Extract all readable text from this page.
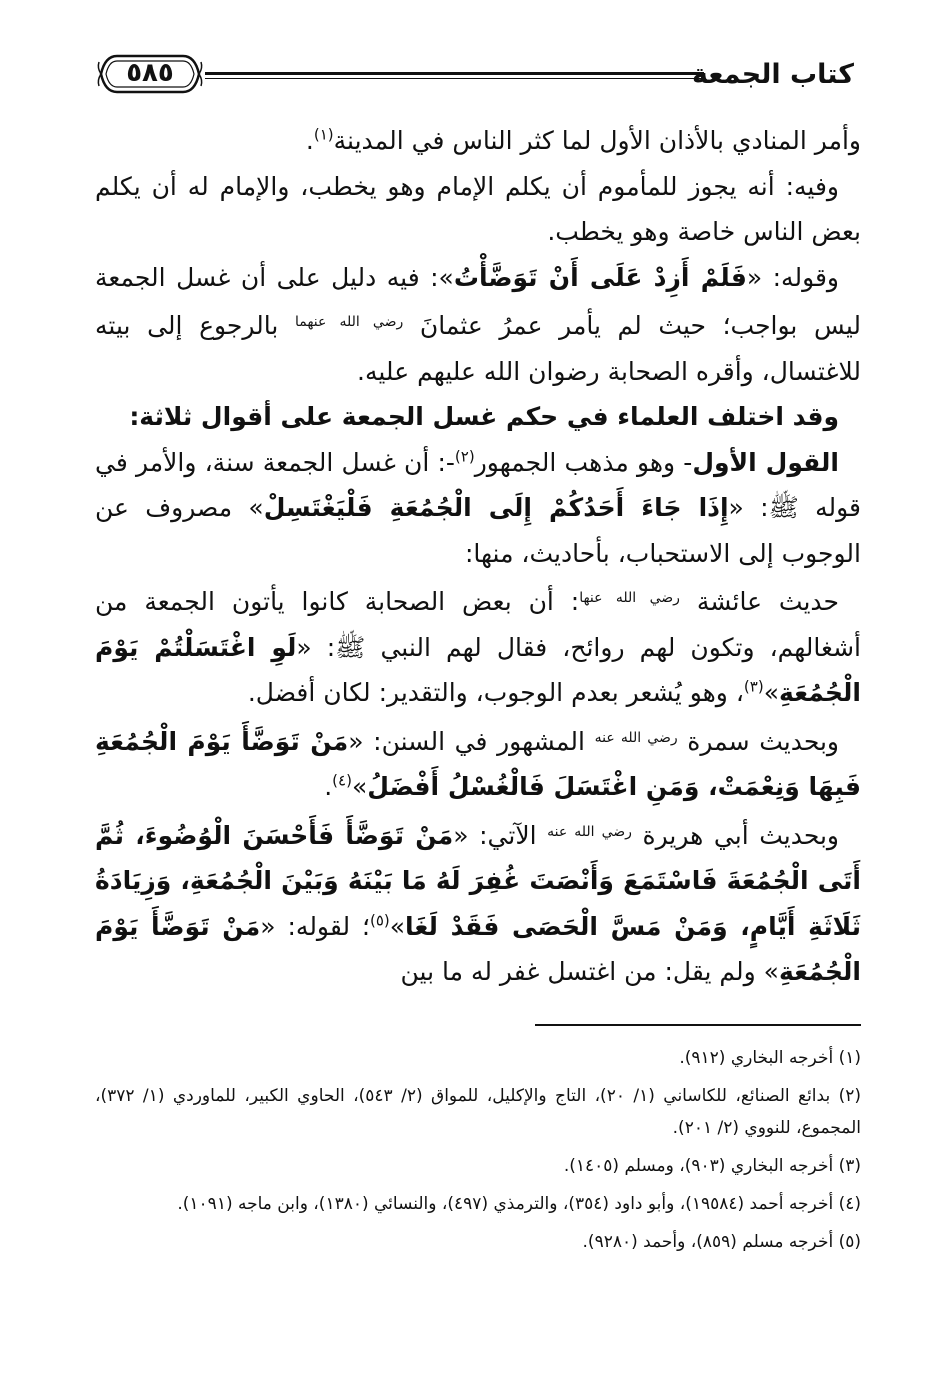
كتاب الجمعة
٥٨٥

وأمر المنادي بالأذان الأول لما كثر الناس في المدينة$^{(١)}$.

وفيه: أنه يجوز للمأموم أن يكلم الإمام وهو يخطب، والإمام له أن يكلم بعض الناس خاصة وهو يخطب.

وقوله: «فَلَمْ أَزِدْ عَلَى أَنْ تَوَضَّأْتُ»: فيه دليل على أن غسل الجمعة ليس بواجب؛ حيث لم يأمر عمرُ عثمانَ $^{رضي الله عنهما}$ بالرجوع إلى بيته للاغتسال، وأقره الصحابة رضوان الله عليهم عليه.

وقد اختلف العلماء في حكم غسل الجمعة على أقوال ثلاثة:

القول الأول- وهو مذهب الجمهور$^{(٢)}$-: أن غسل الجمعة سنة، والأمر في قوله ﷺ: «إِذَا جَاءَ أَحَدُكُمْ إِلَى الْجُمُعَةِ فَلْيَغْتَسِلْ» مصروف عن الوجوب إلى الاستحباب، بأحاديث، منها:

حديث عائشة $^{رضي الله عنها}$: أن بعض الصحابة كانوا يأتون الجمعة من أشغالهم، وتكون لهم روائح، فقال لهم النبي ﷺ: «لَوِ اغْتَسَلْتُمْ يَوْمَ الْجُمُعَةِ»$^{(٣)}$، وهو يُشعر بعدم الوجوب، والتقدير: لكان أفضل.

وبحديث سمرة $^{رضي الله عنه}$ المشهور في السنن: «مَنْ تَوَضَّأَ يَوْمَ الْجُمُعَةِ فَبِهَا وَنِعْمَتْ، وَمَنِ اغْتَسَلَ فَالْغُسْلُ أَفْضَلُ»$^{(٤)}$.

وبحديث أبي هريرة $^{رضي الله عنه}$ الآتي: «مَنْ تَوَضَّأَ فَأَحْسَنَ الْوُضُوءَ، ثُمَّ أَتَى الْجُمُعَةَ فَاسْتَمَعَ وَأَنْصَتَ غُفِرَ لَهُ مَا بَيْنَهُ وَبَيْنَ الْجُمُعَةِ، وَزِيَادَةُ ثَلَاثَةِ أَيَّامٍ، وَمَنْ مَسَّ الْحَصَى فَقَدْ لَغَا»$^{(٥)}$؛ لقوله: «مَنْ تَوَضَّأَ يَوْمَ الْجُمُعَةِ» ولم يقل: من اغتسل غفر له ما بين

(١) أخرجه البخاري (٩١٢).

(٢) بدائع الصنائع، للكاساني (١/ ٢٠)، التاج والإكليل، للمواق (٢/ ٥٤٣)، الحاوي الكبير، للماوردي (١/ ٣٧٢)، المجموع، للنووي (٢/ ٢٠١).

(٣) أخرجه البخاري (٩٠٣)، ومسلم (١٤٠٥).

(٤) أخرجه أحمد (١٩٥٨٤)، وأبو داود (٣٥٤)، والترمذي (٤٩٧)، والنسائي (١٣٨٠)، وابن ماجه (١٠٩١).

(٥) أخرجه مسلم (٨٥٩)، وأحمد (٩٢٨٠).
